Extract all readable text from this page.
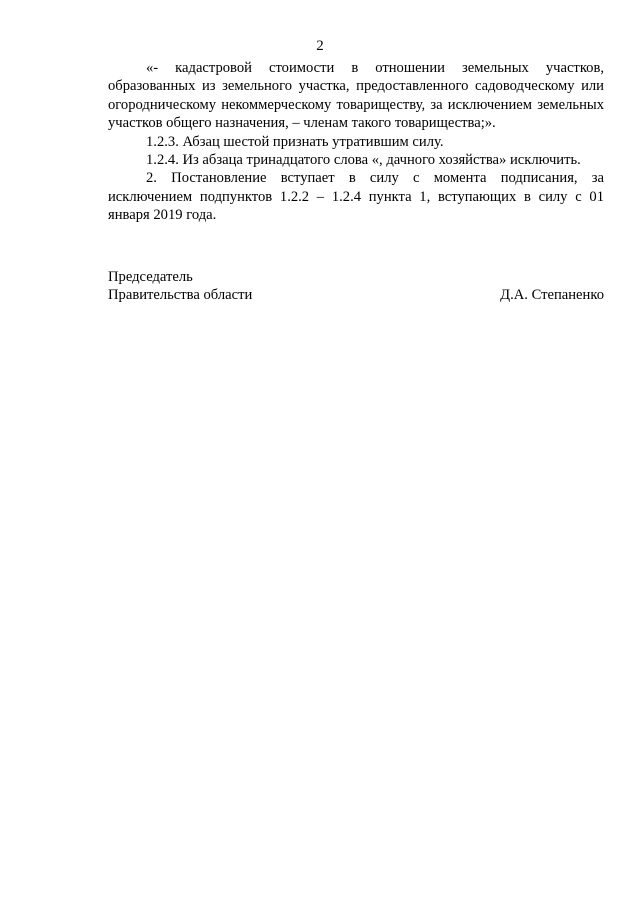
2

«- кадастровой стоимости в отношении земельных участков, образованных из земельного участка, предоставленного садоводческому или огородническому некоммерческому товариществу, за исключением земельных участков общего назначения, – членам такого товарищества;».

1.2.3. Абзац шестой признать утратившим силу.

1.2.4. Из абзаца тринадцатого слова «, дачного хозяйства» исключить.

2. Постановление вступает в силу с момента подписания, за исключением подпунктов 1.2.2 – 1.2.4 пункта 1, вступающих в силу с 01 января 2019 года.

Председатель
Правительства области	Д.А. Степаненко
